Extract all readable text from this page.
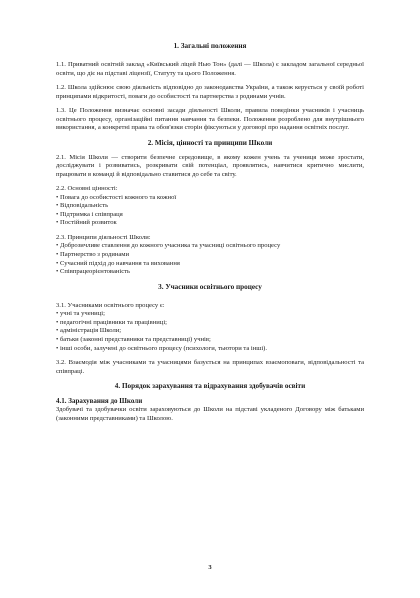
1. Загальні положення

1.1. Приватний освітній заклад «Київський ліцей Нью Тон» (далі — Школа) є закладом загальної середньої освіти, що діє на підставі ліцензії, Статуту та цього Положення.

1.2. Школа здійснює свою діяльність відповідно до законодавства України, а також керується у своїй роботі принципами відкритості, поваги до особистості та партнерства з родинами учнів.

1.3. Це Положення визначає основні засади діяльності Школи, правила поведінки учасників і учасниць освітнього процесу, організаційні питання навчання та безпеки. Положення розроблено для внутрішнього використання, а конкретні права та обов'язки сторін фіксуються у договорі про надання освітніх послуг.

2. Місія, цінності та принципи Школи

2.1. Місія Школи — створити безпечне середовище, в якому кожен учень та учениця може зростати, досліджувати і розвиватись, розкривати свій потенціал, проявлятись, навчитися критично мислити, працювати в команді й відповідально ставитися до себе та світу.

2.2. Основні цінності:

• Повага до особистості кожного та кожної
• Відповідальність
• Підтримка і співпраця
• Постійний розвиток

2.3. Принципи діяльності Школи:

• Доброзичливе ставлення до кожного учасника та учасниці освітнього процесу
• Партнерство з родинами
• Сучасний підхід до навчання та виховання
• Співпрацеорієнтованість

3. Учасники освітнього процесу

3.1. Учасниками освітнього процесу є:

• учні та учениці;
• педагогічні працівники та працівниці;
• адміністрація Школи;
• батьки (законні представники та представниці) учнів;
• інші особи, залучені до освітнього процесу (психологи, тьютори та інші).

3.2. Взаємодія між учасниками та учасницями базується на принципах взаємоповаги, відповідальності та співпраці.

4. Порядок зарахування та відрахування здобувачів освіти

4.1. Зарахування до Школи

Здобувачі та здобувачки освіти зараховуються до Школи на підставі укладеного Договору між батьками (законними представниками) та Школою.

3
